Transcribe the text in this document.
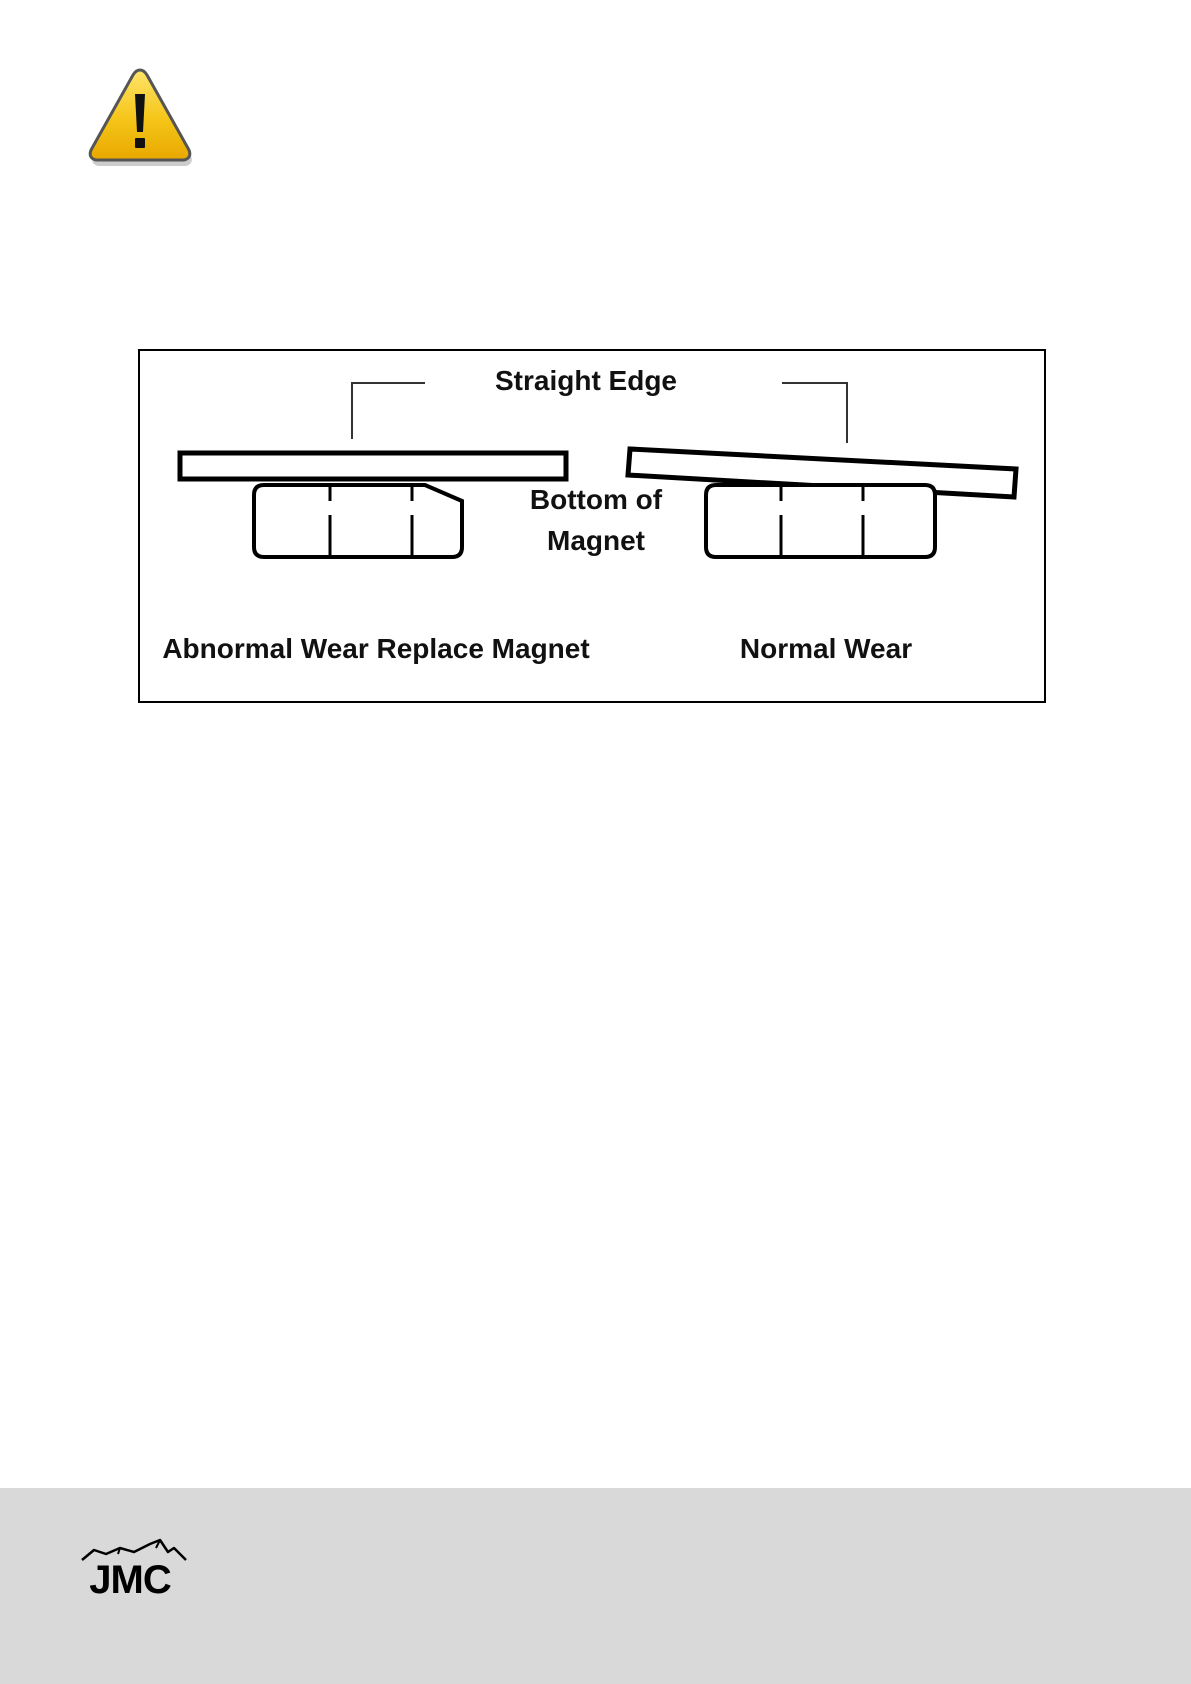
Straight Edge
Bottom of
Magnet
Abnormal Wear Replace Magnet	Normal Wear
JMC
